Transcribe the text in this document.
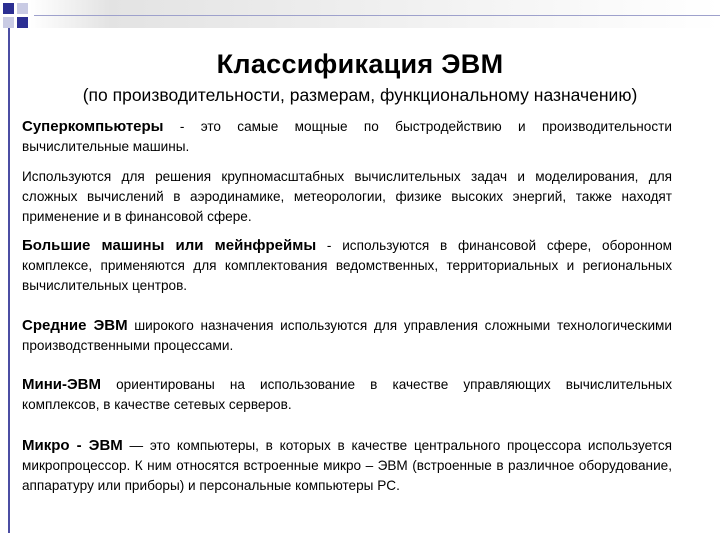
Классификация ЭВМ
(по производительности, размерам, функциональному назначению)
Суперкомпьютеры - это самые мощные по быстродействию и производительности вычислительные машины.
Используются для решения крупномасштабных вычислительных задач и моделирования, для сложных вычислений в аэродинамике, метеорологии, физике высоких энергий, также находят применение и в финансовой сфере.
Большие машины или мейнфреймы - используются в финансовой сфере, оборонном комплексе, применяются для комплектования ведомственных, территориальных и региональных вычислительных центров.
Средние ЭВМ широкого назначения используются для управления сложными технологическими производственными процессами.
Мини-ЭВМ ориентированы на использование в качестве управляющих вычислительных комплексов, в качестве сетевых серверов.
Микро - ЭВМ — это компьютеры, в которых в качестве центрального процессора используется микропроцессор. К ним относятся встроенные микро – ЭВМ (встроенные в различное оборудование, аппаратуру или приборы) и персональные компьютеры PC.
